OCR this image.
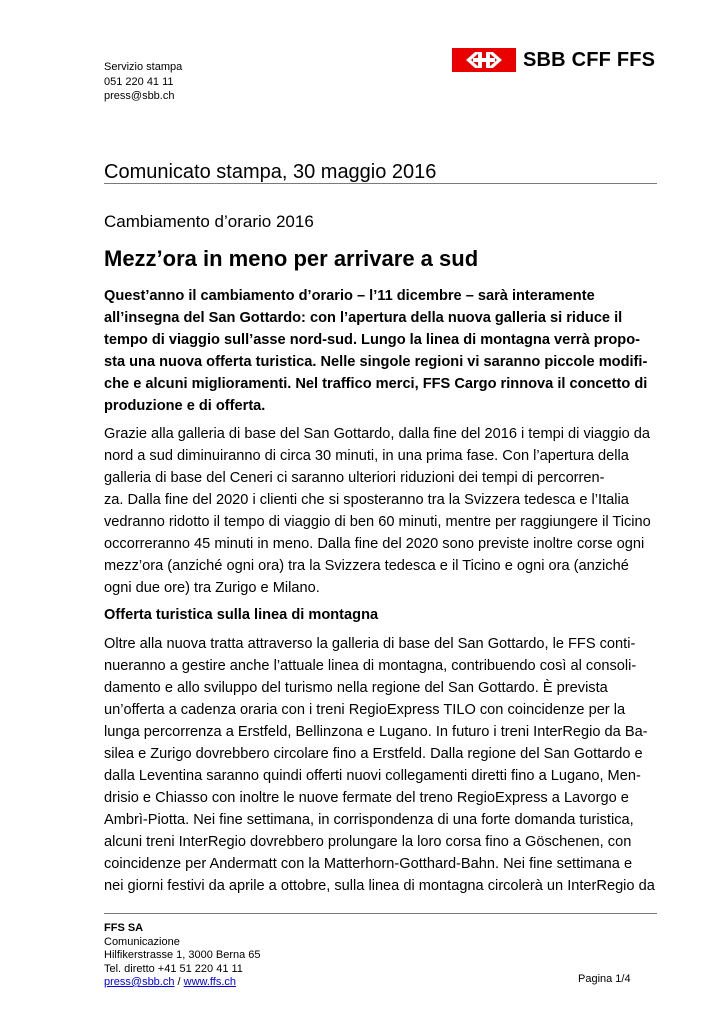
Servizio stampa
051 220 41 11
press@sbb.ch
SBB CFF FFS
Comunicato stampa, 30 maggio 2016
Cambiamento d’orario 2016
Mezz’ora in meno per arrivare a sud
Quest’anno il cambiamento d’orario – l’11 dicembre – sarà interamente
all’insegna del San Gottardo: con l’apertura della nuova galleria si riduce il
tempo di viaggio sull’asse nord-sud. Lungo la linea di montagna verrà propo-
sta una nuova offerta turistica. Nelle singole regioni vi saranno piccole modifi-
che e alcuni miglioramenti. Nel traffico merci, FFS Cargo rinnova il concetto di
produzione e di offerta.
Grazie alla galleria di base del San Gottardo, dalla fine del 2016 i tempi di viaggio da
nord a sud diminuiranno di circa 30 minuti, in una prima fase. Con l’apertura della
galleria di base del Ceneri ci saranno ulteriori riduzioni dei tempi di percorren-
za. Dalla fine del 2020 i clienti che si sposteranno tra la Svizzera tedesca e l’Italia
vedranno ridotto il tempo di viaggio di ben 60 minuti, mentre per raggiungere il Ticino
occorreranno 45 minuti in meno. Dalla fine del 2020 sono previste inoltre corse ogni
mezz’ora (anziché ogni ora) tra la Svizzera tedesca e il Ticino e ogni ora (anziché
ogni due ore) tra Zurigo e Milano.
Offerta turistica sulla linea di montagna
Oltre alla nuova tratta attraverso la galleria di base del San Gottardo, le FFS conti-
nueranno a gestire anche l’attuale linea di montagna, contribuendo così al consoli-
damento e allo sviluppo del turismo nella regione del San Gottardo. È prevista
un’offerta a cadenza oraria con i treni RegioExpress TILO con coincidenze per la
lunga percorrenza a Erstfeld, Bellinzona e Lugano. In futuro i treni InterRegio da Ba-
silea e Zurigo dovrebbero circolare fino a Erstfeld. Dalla regione del San Gottardo e
dalla Leventina saranno quindi offerti nuovi collegamenti diretti fino a Lugano, Men-
drisio e Chiasso con inoltre le nuove fermate del treno RegioExpress a Lavorgo e
Ambrì-Piotta. Nei fine settimana, in corrispondenza di una forte domanda turistica,
alcuni treni InterRegio dovrebbero prolungare la loro corsa fino a Göschenen, con
coincidenze per Andermatt con la Matterhorn-Gotthard-Bahn. Nei fine settimana e
nei giorni festivi da aprile a ottobre, sulla linea di montagna circolerà un InterRegio da
FFS SA
Comunicazione
Hilfikerstrasse 1, 3000 Berna 65
Tel. diretto +41 51 220 41 11
press@sbb.ch / www.ffs.ch	Pagina 1/4
